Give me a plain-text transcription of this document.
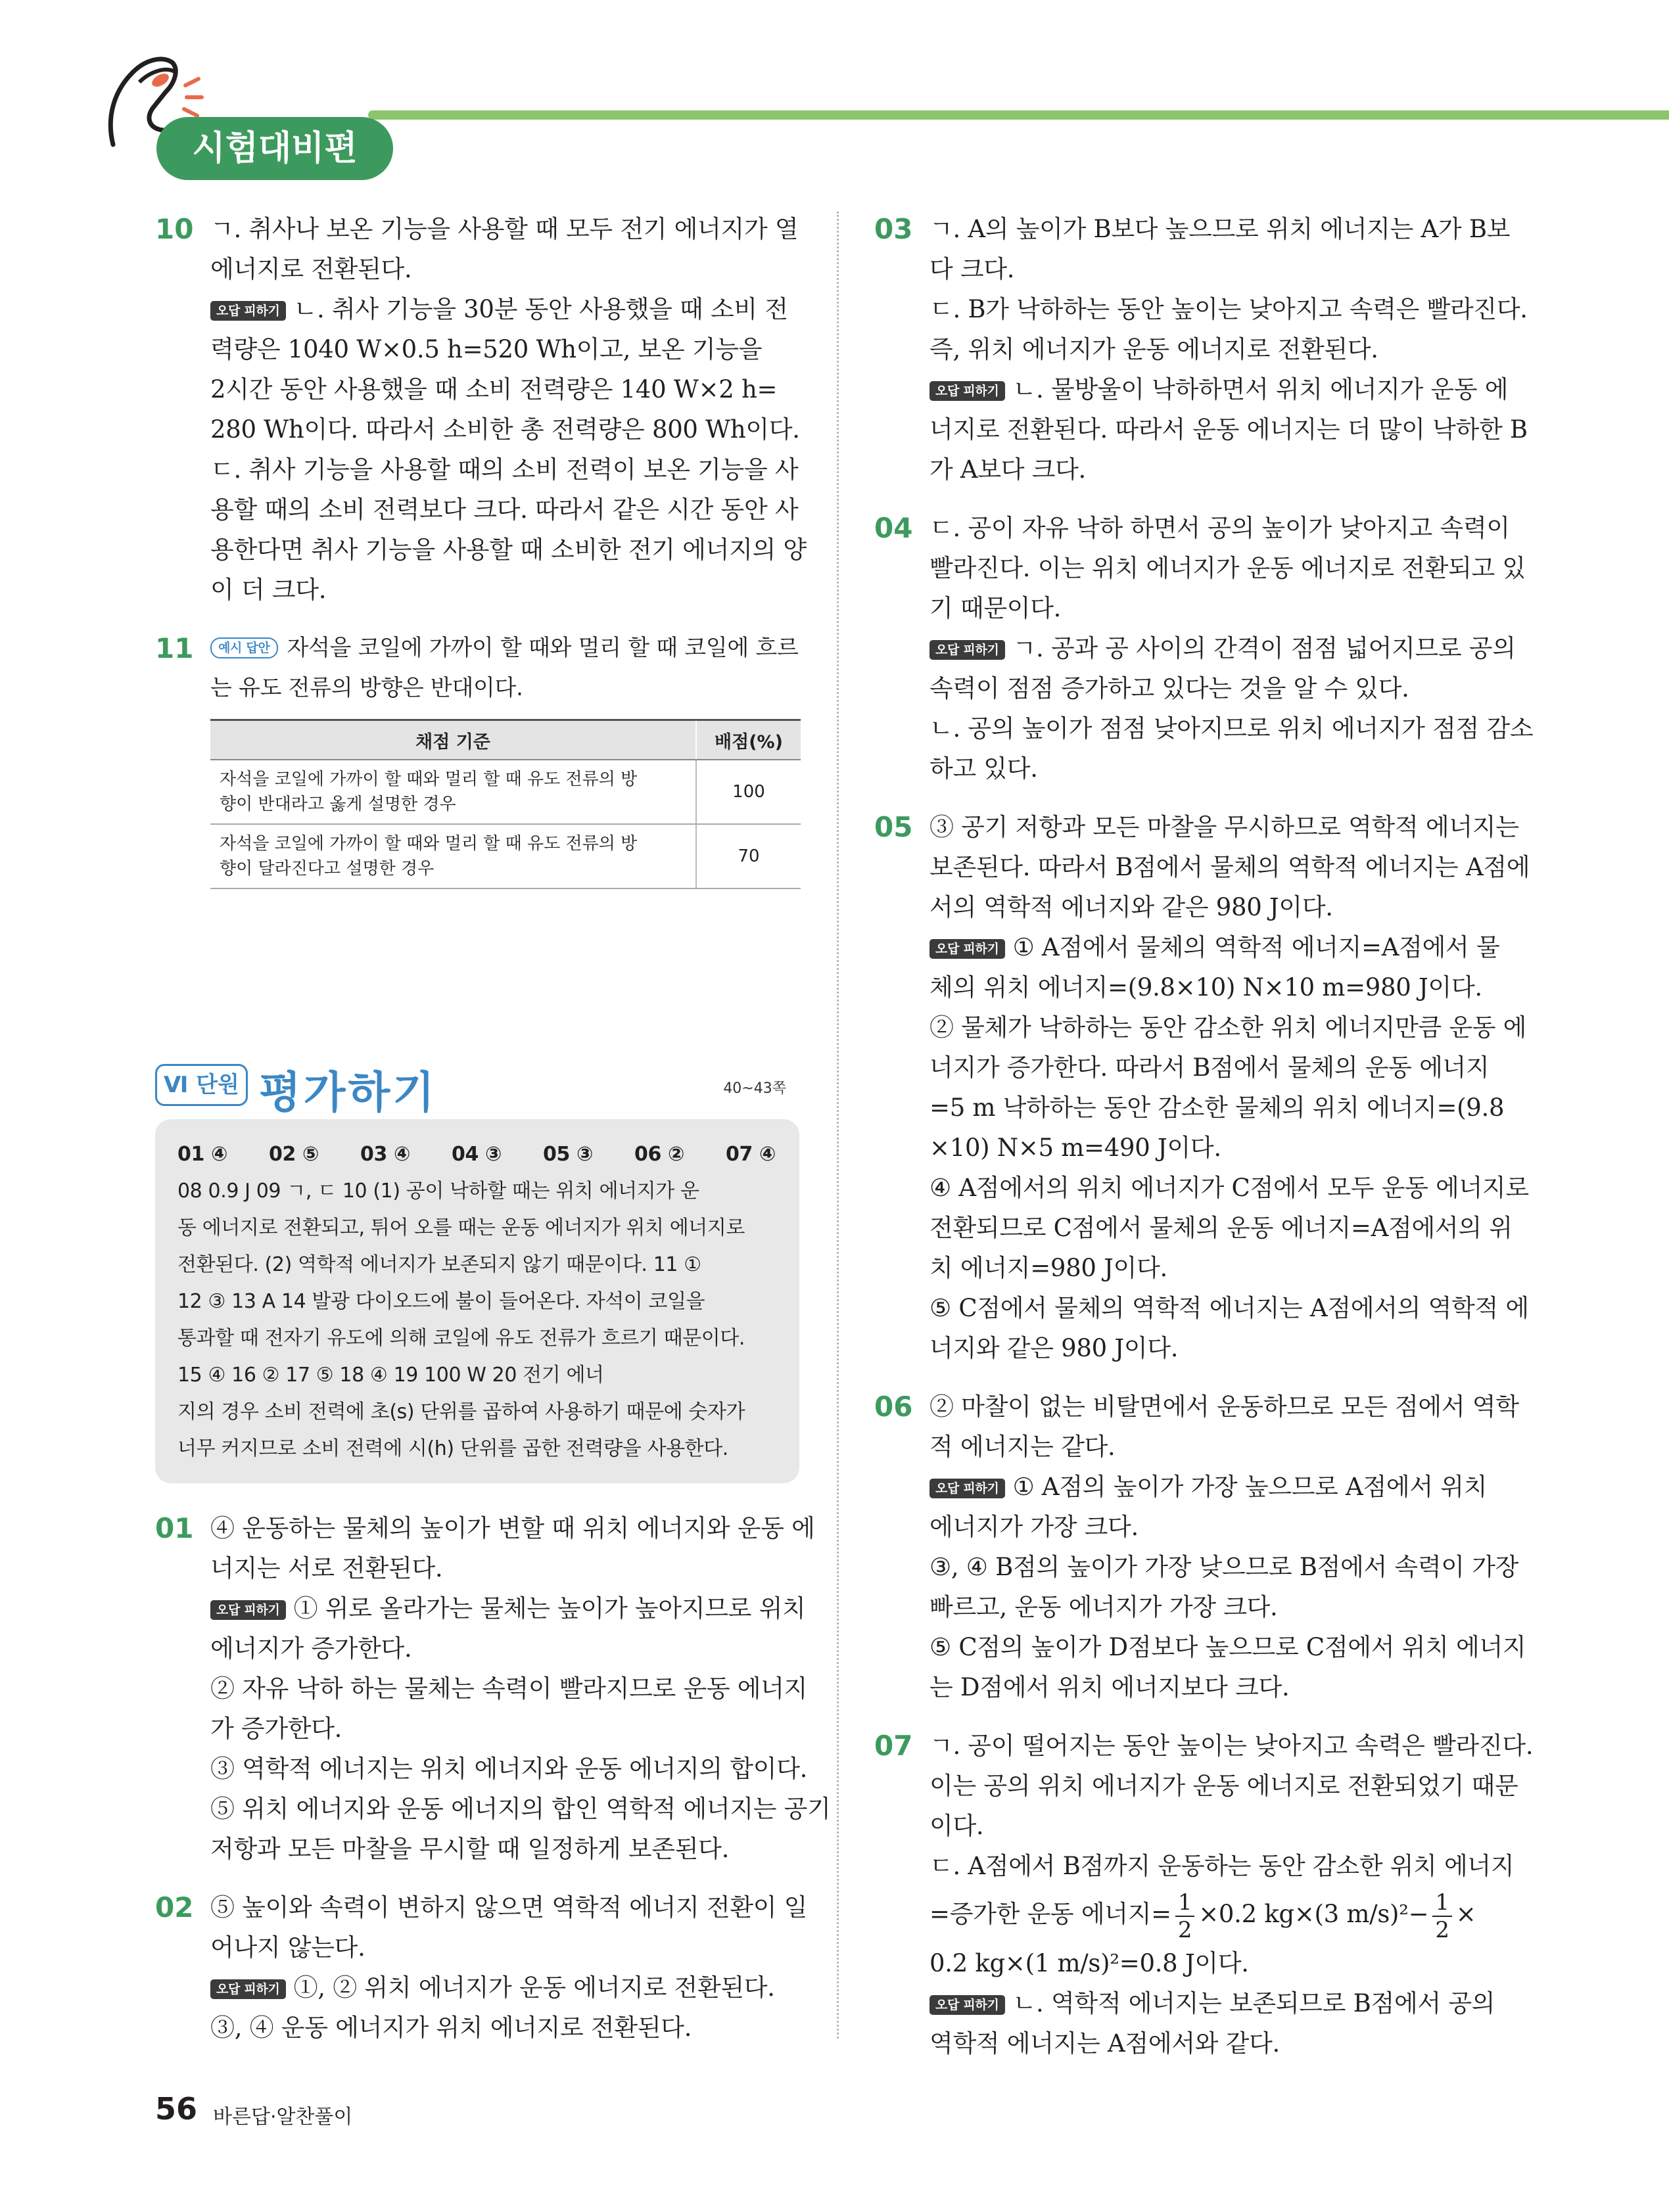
시험대비편
10 ㄱ. 취사나 보온 기능을 사용할 때 모두 전기 에너지가 열
에너지로 전환된다.
오답 피하기 ㄴ. 취사 기능을 30분 동안 사용했을 때 소비 전
력량은 1040 W×0.5 h=520 Wh이고, 보온 기능을
2시간 동안 사용했을 때 소비 전력량은 140 W×2 h=
280 Wh이다. 따라서 소비한 총 전력량은 800 Wh이다.
ㄷ. 취사 기능을 사용할 때의 소비 전력이 보온 기능을 사
용할 때의 소비 전력보다 크다. 따라서 같은 시간 동안 사
용한다면 취사 기능을 사용할 때 소비한 전기 에너지의 양
이 더 크다.
11	예시 답안 자석을 코일에 가까이 할 때와 멀리 할 때 코일에 흐르
는 유도 전류의 방향은 반대이다.
채점 기준	배점(%)

자석을 코일에 가까이 할 때와 멀리 할 때 유도 전류의 방
향이 반대라고 옳게 설명한 경우	100

자석을 코일에 가까이 할 때와 멀리 할 때 유도 전류의 방
향이 달라진다고 설명한 경우	70
Ⅵ 단원 평가하기	40~43쪽
01 ④ 02 ⑤ 03 ④ 04 ③ 05 ③ 06 ② 07 ④
08 0.9 J 09 ㄱ, ㄷ 10 (1) 공이 낙하할 때는 위치 에너지가 운
동 에너지로 전환되고, 튀어 오를 때는 운동 에너지가 위치 에너지로
전환된다. (2) 역학적 에너지가 보존되지 않기 때문이다. 11 ①
12 ③ 13 A 14 발광 다이오드에 불이 들어온다. 자석이 코일을
통과할 때 전자기 유도에 의해 코일에 유도 전류가 흐르기 때문이다.
15 ④ 16 ② 17 ⑤ 18 ④ 19 100 W 20 전기 에너
지의 경우 소비 전력에 초(s) 단위를 곱하여 사용하기 때문에 숫자가
너무 커지므로 소비 전력에 시(h) 단위를 곱한 전력량을 사용한다.
01 ④ 운동하는 물체의 높이가 변할 때 위치 에너지와 운동 에
너지는 서로 전환된다.
오답 피하기 ① 위로 올라가는 물체는 높이가 높아지므로 위치
에너지가 증가한다.
② 자유 낙하 하는 물체는 속력이 빨라지므로 운동 에너지
가 증가한다.
③ 역학적 에너지는 위치 에너지와 운동 에너지의 합이다.
⑤ 위치 에너지와 운동 에너지의 합인 역학적 에너지는 공기
저항과 모든 마찰을 무시할 때 일정하게 보존된다.
02 ⑤ 높이와 속력이 변하지 않으면 역학적 에너지 전환이 일
어나지 않는다.
오답 피하기 ①, ② 위치 에너지가 운동 에너지로 전환된다.
③, ④ 운동 에너지가 위치 에너지로 전환된다.
03 ㄱ. A의 높이가 B보다 높으므로 위치 에너지는 A가 B보
다 크다.
ㄷ. B가 낙하하는 동안 높이는 낮아지고 속력은 빨라진다.
즉, 위치 에너지가 운동 에너지로 전환된다.
오답 피하기 ㄴ. 물방울이 낙하하면서 위치 에너지가 운동 에
너지로 전환된다. 따라서 운동 에너지는 더 많이 낙하한 B
가 A보다 크다.
04 ㄷ. 공이 자유 낙하 하면서 공의 높이가 낮아지고 속력이
빨라진다. 이는 위치 에너지가 운동 에너지로 전환되고 있
기 때문이다.
오답 피하기 ㄱ. 공과 공 사이의 간격이 점점 넓어지므로 공의
속력이 점점 증가하고 있다는 것을 알 수 있다.
ㄴ. 공의 높이가 점점 낮아지므로 위치 에너지가 점점 감소
하고 있다.
05 ③ 공기 저항과 모든 마찰을 무시하므로 역학적 에너지는
보존된다. 따라서 B점에서 물체의 역학적 에너지는 A점에
서의 역학적 에너지와 같은 980 J이다.
오답 피하기 ① A점에서 물체의 역학적 에너지=A점에서 물
체의 위치 에너지=(9.8×10) N×10 m=980 J이다.
② 물체가 낙하하는 동안 감소한 위치 에너지만큼 운동 에
너지가 증가한다. 따라서 B점에서 물체의 운동 에너지
=5 m 낙하하는 동안 감소한 물체의 위치 에너지=(9.8
×10) N×5 m=490 J이다.
④ A점에서의 위치 에너지가 C점에서 모두 운동 에너지로
전환되므로 C점에서 물체의 운동 에너지=A점에서의 위
치 에너지=980 J이다.
⑤ C점에서 물체의 역학적 에너지는 A점에서의 역학적 에
너지와 같은 980 J이다.
06 ② 마찰이 없는 비탈면에서 운동하므로 모든 점에서 역학
적 에너지는 같다.
오답 피하기 ① A점의 높이가 가장 높으므로 A점에서 위치
에너지가 가장 크다.
③, ④ B점의 높이가 가장 낮으므로 B점에서 속력이 가장
빠르고, 운동 에너지가 가장 크다.
⑤ C점의 높이가 D점보다 높으므로 C점에서 위치 에너지
는 D점에서 위치 에너지보다 크다.
07 ㄱ. 공이 떨어지는 동안 높이는 낮아지고 속력은 빨라진다.
이는 공의 위치 에너지가 운동 에너지로 전환되었기 때문
이다.
ㄷ. A점에서 B점까지 운동하는 동안 감소한 위치 에너지
=증가한 운동 에너지= $\frac{1}{2} \times 0.2$ kg×(3 $m/s)^2- \frac{1}{2}$ ×
0.2 kg×(1 m/s)²=0.8 J이다.
오답 피하기 ㄴ. 역학적 에너지는 보존되므로 B점에서 공의
역학적 에너지는 A점에서와 같다.
56 바른답·알찬풀이
